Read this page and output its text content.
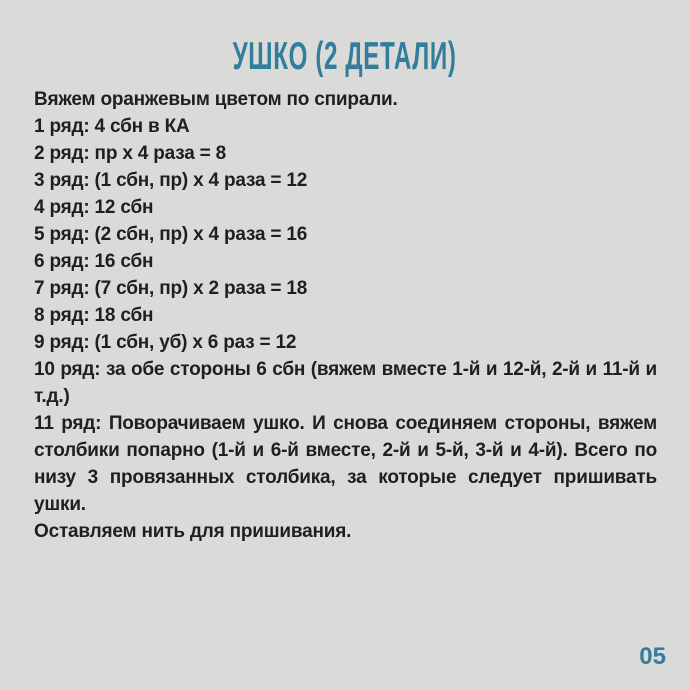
УШКО (2 ДЕТАЛИ)

Вяжем оранжевым цветом по спирали.

1 ряд: 4 сбн в КА

2 ряд: пр х 4 раза = 8

3 ряд: (1 сбн, пр) х 4 раза = 12

4 ряд: 12 сбн

5 ряд: (2 сбн, пр) х 4 раза = 16

6 ряд: 16 сбн

7 ряд: (7 сбн, пр) х 2 раза = 18

8 ряд: 18 сбн

9 ряд: (1 сбн, уб) х 6 раз = 12

10 ряд: за обе стороны 6 сбн (вяжем вместе 1-й и 12-й, 2-й и 11-й и т.д.)

11 ряд: Поворачиваем ушко. И снова соединяем стороны, вяжем столбики попарно (1-й и 6-й вместе, 2-й и 5-й, 3-й и 4-й). Всего по низу 3 провязанных столбика, за которые следует пришивать ушки.

Оставляем нить для пришивания.

05
